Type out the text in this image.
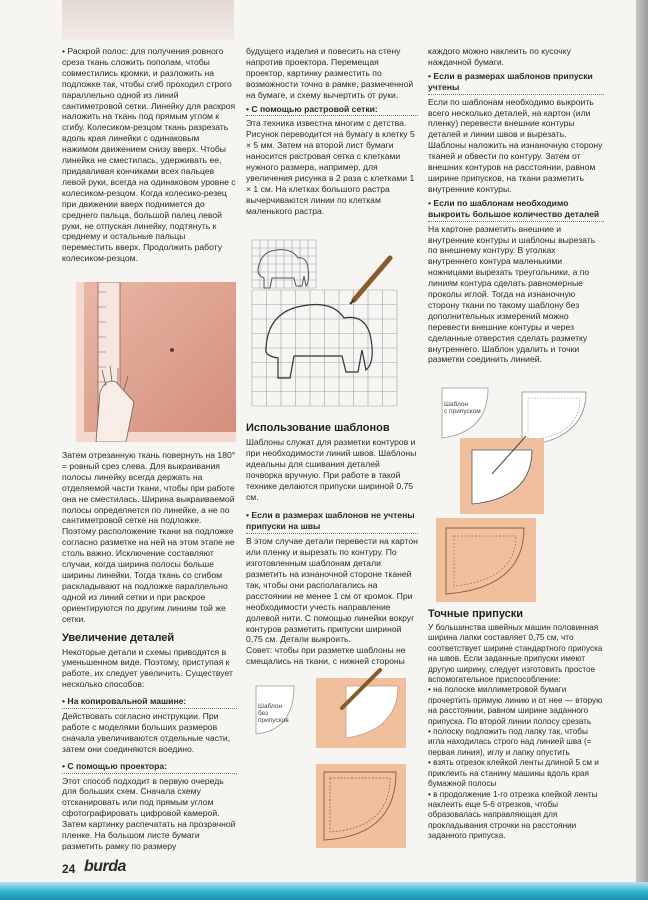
• Раскрой полос: для получения ровного среза ткань сложить пополам, чтобы совместились кромки, и разложить на подложке так, чтобы сгиб проходил строго параллельно одной из линий сантиметровой сетки. Линейку для раскроя наложить на ткань под прямым углом к сгибу. Колесиком-резцом ткань разрезать вдоль края линейки с одинаковым нажимом движением снизу вверх. Чтобы линейка не сместилась, удерживать ее, придавливая кончиками всех пальцев левой руки, всегда на одинаковом уровне с колесиком-резцом. Когда колесико-резец при движении вверх поднимется до среднего пальца, большой палец левой руки, не отпуская линейку, подтянуть к среднему и остальные пальцы переместить вверх. Продолжить работу колесиком-резцом.

Затем отрезанную ткань повернуть на 180° = ровный срез слева. Для выкраивания полосы линейку всегда держать на отделяемой части ткани, чтобы при работе она не сместилась. Ширина выкраиваемой полосы определяется по линейке, а не по сантиметровой сетке на подложке. Поэтому расположение ткани на подложке согласно разметке на ней на этом этапе не столь важно. Исключение составляют случаи, когда ширина полосы больше ширины линейки. Тогда ткань со сгибом раскладывают на подложке параллельно одной из линий сетки и при раскрое ориентируются по другим линиям той же сетки.

Увеличение деталей

Некоторые детали и схемы приводятся в уменьшенном виде. Поэтому, приступая к работе, их следует увеличить. Существует несколько способов:

• На копировальной машине:

Действовать согласно инструкции. При работе с моделями больших размеров сначала увеличиваются отдельные части, затем они соединяются воедино.

• С помощью проектора:

Этот способ подходит в первую очередь для больших схем. Сначала схему отсканировать или под прямым углом сфотографировать цифровой камерой. Затем картинку распечатать на прозрачной пленке. На большом листе бумаги разметить рамку по размеру

будущего изделия и повесить на стену напротив проектора. Перемещая проектор, картинку разместить по возможности точно в рамке, размеченной на бумаге, и схему вычертить от руки.

• С помощью растровой сетки:

Эта техника известна многим с детства. Рисунок переводится на бумагу в клетку 5 × 5 мм. Затем на второй лист бумаги наносится растровая сетка с клетками нужного размера, например, для увеличения рисунка в 2 раза с клетками 1 × 1 см. На клетках большого растра вычерчиваются линии по клеткам маленького растра.

Использование шаблонов

Шаблоны служат для разметки контуров и при необходимости линий швов. Шаблоны идеальны для сшивания деталей почворка вручную. При работе в такой технике делаются припуски шириной 0,75 см.

• Если в размерах шаблонов не учтены припуски на швы

В этом случае детали перевести на картон или пленку и вырезать по контуру. По изготовленным шаблонам детали разметить на изнаночной стороне тканей так, чтобы они располагались на расстоянии не менее 1 см от кромок. При необходимости учесть направление долевой нити. С помощью линейки вокруг контуров разметить припуски шириной 0,75 см. Детали выкроить.

Совет: чтобы при разметке шаблоны не смещались на ткани, с нижней стороны

Шаблон без припусков

каждого можно наклеить по кусочку наждачной бумаги.

• Если в размерах шаблонов припуски учтены

Если по шаблонам необходимо выкроить всего несколько деталей, на картон (или пленку) перевести внешние контуры деталей и линии швов и вырезать. Шаблоны наложить на изнаночную сторону тканей и обвести по контуру. Затем от внешних контуров на расстоянии, равном ширине припусков, на ткани разметить внутренние контуры.

• Если по шаблонам необходимо выкроить большое количество деталей

На картоне разметить внешние и внутренние контуры и шаблоны вырезать по внешнему контуру. В уголках внутреннего контура маленькими ножницами вырезать треугольники, а по линиям контура сделать равномерные проколы иглой. Тогда на изнаночную сторону ткани по такому шаблону без дополнительных измерений можно перевести внешние контуры и через сделанные отверстия сделать разметку внутреннего. Шаблон удалить и точки разметки соединить линией.

Шаблон с припуском
Точные припуски

У большинства швейных машин половинная ширина лапки составляет 0,75 см, что соответствует ширине стандартного припуска на швов. Если заданные припуски имеют другую ширину, следует изготовить простое вспомогательное приспособление:

• на полоске миллиметровой бумаги прочертить прямую линию и от нее — вторую на расстоянии, равном ширине заданного припуска. По второй линии полосу срезать

• полоску подложить под лапку так, чтобы игла находилась строго над линией шва (= первая линия), иглу и лапку опустить

• взять отрезок клейкой ленты длиной 5 см и приклеить на станину машины вдоль края бумажной полосы

• в продолжение 1-го отрезка клейкой ленты наклеить еще 5-6 отрезков, чтобы образовалась направляющая для прокладывания строчки на расстоянии заданного припуска.

24 burda
